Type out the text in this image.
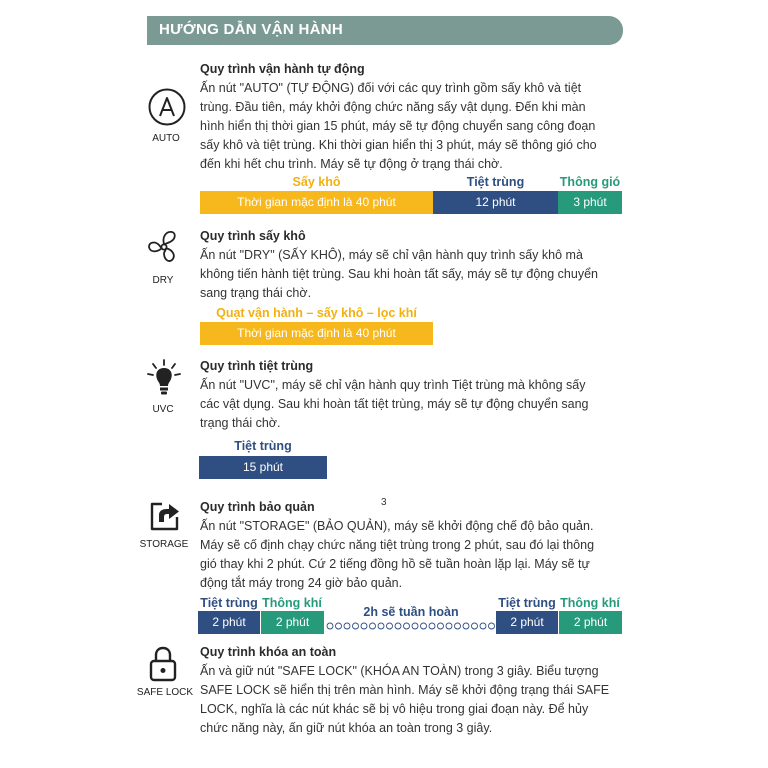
HƯỚNG DẪN VẬN HÀNH
AUTO
Quy trình vận hành tự động
Ấn nút "AUTO" (TỰ ĐỘNG) đối với các quy trình gồm sấy khô và tiệt
trùng. Đầu tiên, máy khởi động chức năng sấy vật dụng. Đến khi màn
hình hiển thị thời gian 15 phút, máy sẽ tự động chuyển sang công đoạn
sấy khô và tiệt trùng. Khi thời gian hiển thị 3 phút, máy sẽ thông gió cho
đến khi hết chu trình. Máy sẽ tự động ở trạng thái chờ.
Sấy khô	Tiệt trùng	Thông gió
Thời gian mặc định là 40 phút	12 phút	3 phút
DRY
Quy trình sấy khô
Ấn nút "DRY" (SẤY KHÔ), máy sẽ chỉ vận hành quy trình sấy khô mà
không tiến hành tiệt trùng. Sau khi hoàn tất sấy, máy sẽ tự động chuyển
sang trạng thái chờ.
Quạt vận hành – sấy khô – lọc khí
Thời gian mặc định là 40 phút
UVC
Quy trình tiệt trùng
Ấn nút "UVC", máy sẽ chỉ vận hành quy trình Tiệt trùng mà không sấy
các vật dụng. Sau khi hoàn tất tiệt trùng, máy sẽ tự động chuyển sang
trạng thái chờ.
Tiệt trùng
15 phút
3
STORAGE
Quy trình bảo quản
Ấn nút "STORAGE" (BẢO QUẢN), máy sẽ khởi động chế độ bảo quản.
Máy sẽ cố định chạy chức năng tiệt trùng trong 2 phút, sau đó lại thông
gió thay khi 2 phút. Cứ 2 tiếng đồng hồ sẽ tuần hoàn lặp lại. Máy sẽ tự
động tắt máy trong 24 giờ bảo quản.
Tiệt trùng Thông khí
2h sẽ tuần hoàn
Tiệt trùng Thông khí
2 phút	2 phút	2 phút	2 phút
SAFE LOCK
Quy trình khóa an toàn
Ấn và giữ nút "SAFE LOCK" (KHÓA AN TOÀN) trong 3 giây. Biểu tượng
SAFE LOCK sẽ hiển thị trên màn hình. Máy sẽ khởi động trạng thái SAFE
LOCK, nghĩa là các nút khác sẽ bị vô hiệu trong giai đoạn này. Để hủy
chức năng này, ấn giữ nút khóa an toàn trong 3 giây.
